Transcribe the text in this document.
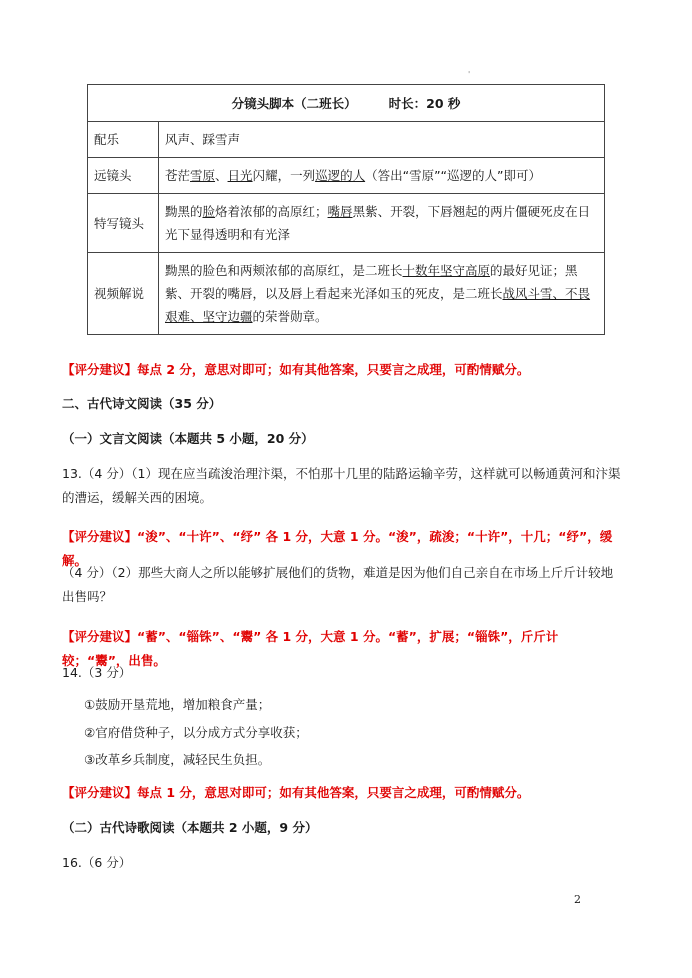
'
分镜头脚本（二班长） 时长：20 秒	
配乐	风声、踩雪声
远镜头	苍茫雪原、日光闪耀，一列巡逻的人（答出“雪原”“巡逻的人”即可）
特写镜头	黝黑的脸烙着浓郁的高原红；嘴唇黑紫、开裂，下唇翘起的两片僵硬死皮在日光下显得透明和有光泽
视频解说	黝黑的脸色和两颊浓郁的高原红，是二班长十数年坚守高原的最好见证；黑紫、开裂的嘴唇，以及唇上看起来光泽如玉的死皮，是二班长战风斗雪、不畏艰难、坚守边疆的荣誉勋章。
【评分建议】每点 2 分，意思对即可；如有其他答案，只要言之成理，可酌情赋分。
二、古代诗文阅读（35 分）
（一）文言文阅读（本题共 5 小题，20 分）
13.（4 分）（1）现在应当疏浚治理汴渠，不怕那十几里的陆路运输辛劳，这样就可以畅通黄河和汴渠的漕运，缓解关西的困境。
【评分建议】“浚”、“十许”、“纾” 各 1 分，大意 1 分。“浚”，疏浚；“十许”，十几；“纾”，缓解。
（4 分）（2）那些大商人之所以能够扩展他们的货物，难道是因为他们自己亲自在市场上斤斤计较地出售吗？
【评分建议】“蓄”、“锱铢”、“鬻” 各 1 分，大意 1 分。“蓄”，扩展；“锱铢”，斤斤计较；“鬻”，出售。
14.（3 分）
①鼓励开垦荒地，增加粮食产量；
②官府借贷种子，以分成方式分享收获；
③改革乡兵制度，减轻民生负担。
【评分建议】每点 1 分，意思对即可；如有其他答案，只要言之成理，可酌情赋分。
（二）古代诗歌阅读（本题共 2 小题，9 分）
16.（6 分）
2
